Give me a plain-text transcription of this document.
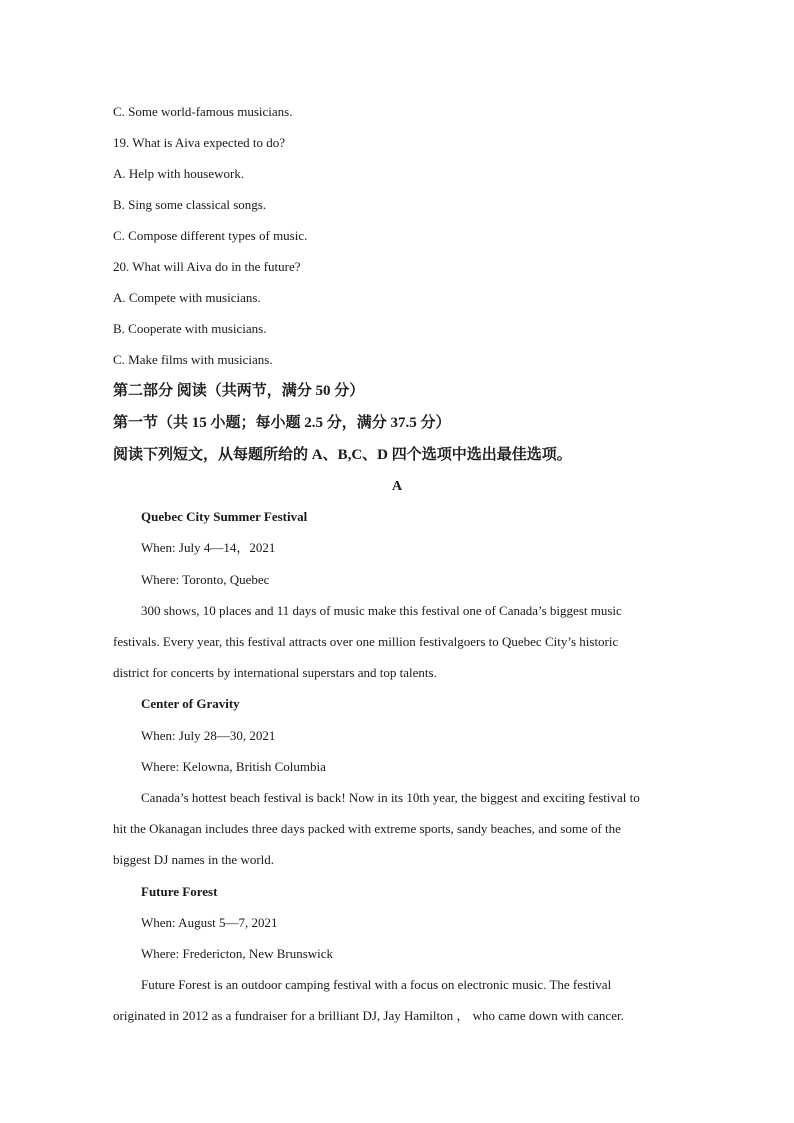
C. Some world-famous musicians.
19. What is Aiva expected to do?
A. Help with housework.
B. Sing some classical songs.
C. Compose different types of music.
20. What will Aiva do in the future?
A. Compete with musicians.
B. Cooperate with musicians.
C. Make films with musicians.
第二部分 阅读（共两节，满分 50 分）
第一节（共 15 小题；每小题 2.5 分，满分 37.5 分）
阅读下列短文，从每题所给的 A、B,C、D 四个选项中选出最佳选项。
A
Quebec City Summer Festival
When: July 4—14，2021
Where: Toronto, Quebec
300 shows, 10 places and 11 days of music make this festival one of Canada’s biggest music
festivals. Every year, this festival attracts over one million festivalgoers to Quebec City’s historic
district for concerts by international superstars and top talents.
Center of Gravity
When: July 28—30, 2021
Where: Kelowna, British Columbia
Canada’s hottest beach festival is back! Now in its 10th year, the biggest and exciting festival to
hit the Okanagan includes three days packed with extreme sports, sandy beaches, and some of the
biggest DJ names in the world.
Future Forest
When: August 5—7, 2021
Where: Fredericton, New Brunswick
Future Forest is an outdoor camping festival with a focus on electronic music. The festival
originated in 2012 as a fundraiser for a brilliant DJ, Jay Hamilton ， who came down with cancer.
